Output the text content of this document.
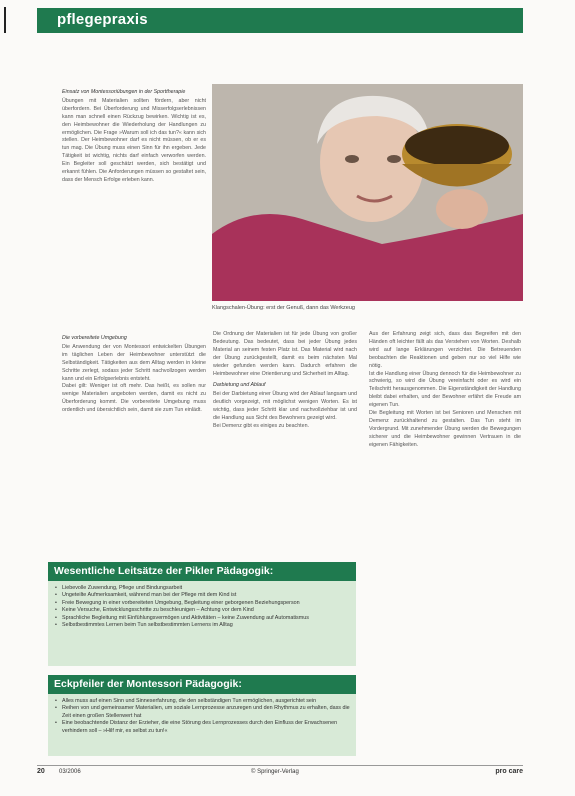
pflegepraxis
Klangschalen-Übung: erst der Genuß, dann das Werkzeug

Einsatz von Montessoriübungen in der Sporttherapie

Übungen mit Materialien sollten fördern, aber nicht überfordern. Bei Überforderung und Misserfolgserlebnissen kann man schnell einen Rückzug bewirken. Wichtig ist es, den Heimbewohner die Wiederholung der Handlungen zu ermöglichen. Die Frage »Warum soll ich das tun?« kann sich stellen. Der Heimbewohner darf es nicht müssen, ob er es tun mag. Die Übung muss einen Sinn für ihn ergeben. Jede Tätigkeit ist wichtig, nichts darf einfach verworfen werden. Ein Begleiter soll geschätzt werden, sich bestätigt und erkannt fühlen. Die Anforderungen müssen so gestaltet sein, dass der Mensch Erfolge erleben kann.

Die vorbereitete Umgebung

Die Anwendung der von Montessori entwickelten Übungen im täglichen Leben der Heimbewohner unterstützt die Selbständigkeit. Tätigkeiten aus dem Alltag werden in kleine Schritte zerlegt, sodass jeder Schritt nachvollzogen werden kann und ein Erfolgserlebnis entsteht.

Dabei gilt: Weniger ist oft mehr. Das heißt, es sollen nur wenige Materialien angeboten werden, damit es nicht zu Überforderung kommt. Die vorbereitete Umgebung muss ordentlich und übersichtlich sein, damit sie zum Tun einlädt.

Die Ordnung der Materialien ist für jede Übung von großer Bedeutung. Das bedeutet, dass bei jeder Übung jedes Material an seinem festen Platz ist. Das Material wird nach der Übung zurückgestellt, damit es beim nächsten Mal wieder gefunden werden kann. Dadurch erfahren die Heimbewohner eine Orientierung und Sicherheit im Alltag.

Darbietung und Ablauf

Bei der Darbietung einer Übung wird der Ablauf langsam und deutlich vorgezeigt, mit möglichst wenigen Worten. Es ist wichtig, dass jeder Schritt klar und nachvollziehbar ist und die Handlung aus Sicht des Bewohners gezeigt wird.

Bei Demenz gibt es einiges zu beachten.

Aus der Erfahrung zeigt sich, dass das Begreifen mit den Händen oft leichter fällt als das Verstehen von Worten. Deshalb wird auf lange Erklärungen verzichtet. Die Betreuenden beobachten die Reaktionen und geben nur so viel Hilfe wie nötig.

Ist die Handlung einer Übung dennoch für die Heimbewohner zu schwierig, so wird die Übung vereinfacht oder es wird ein Teilschritt herausgenommen. Die Eigenständigkeit der Handlung bleibt dabei erhalten, und der Bewohner erfährt die Freude am eigenen Tun.

Die Begleitung mit Worten ist bei Senioren und Menschen mit Demenz zurückhaltend zu gestalten. Das Tun steht im Vordergrund. Mit zunehmender Übung werden die Bewegungen sicherer und die Heimbewohner gewinnen Vertrauen in die eigenen Fähigkeiten.

Wesentliche Leitsätze der Pikler Pädagogik:
• Liebevolle Zuwendung, Pflege und Bindungsarbeit
• Ungeteilte Aufmerksamkeit, während man bei der Pflege mit dem Kind ist
• Freie Bewegung in einer vorbereiteten Umgebung, Begleitung einer geborgenen Beziehungsperson
• Keine Versuche, Entwicklungsschritte zu beschleunigen – Achtung vor dem Kind
• Sprachliche Begleitung mit Einfühlungsvermögen und Aktivitäten – keine Zuwendung auf Automatismus
• Selbstbestimmtes Lernen beim Tun selbstbestimmten Lernens im Alltag
Eckpfeiler der Montessori Pädagogik:
• Alles muss auf einen Sinn und Sinneserfahrung, die den selbständigen Tun ermöglichen, ausgerichtet sein
• Reihen von und gemeinsamer Materialien, um soziale Lernprozesse anzuregen und den Rhythmus zu erhalten, dass die Zeit einen großen Stellenwert hat
• Eine beobachtende Distanz der Erzieher, die eine Störung des Lernprozesses durch den Einfluss der Erwachsenen verhindern soll – »Hilf mir, es selbst zu tun!«
20 03/2006	© Springer-Verlag	pro care
